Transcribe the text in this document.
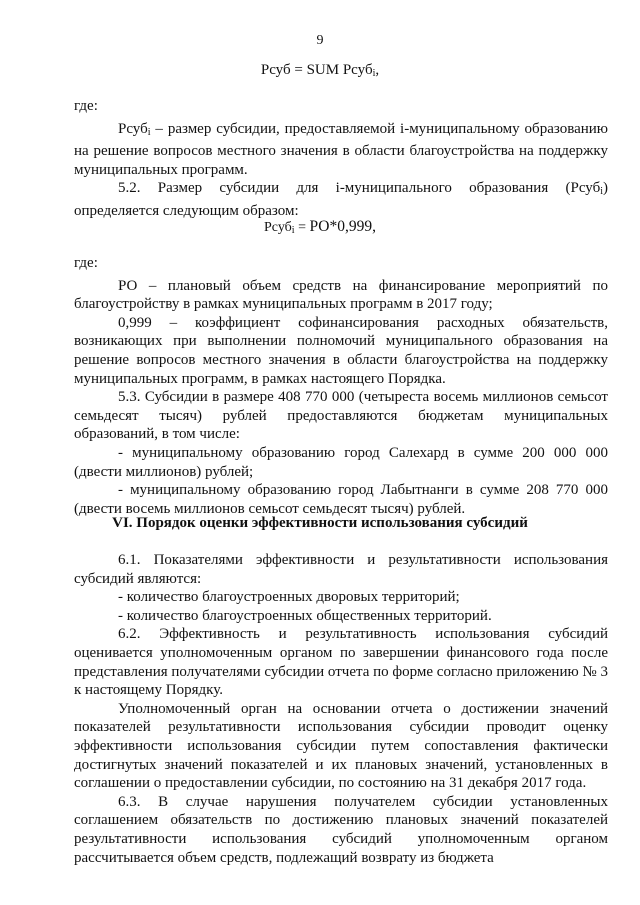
9
Рсуб = SUM Рсуб$_i$,

где:

Рсуб$_i$ – размер субсидии, предоставляемой i-муниципальному образованию на решение вопросов местного значения в области благоустройства на поддержку муниципальных программ.

5.2. Размер субсидии для i-муниципального образования (Рсуб$_i$) определяется следующим образом:

Рсуб$_i$ = РО*0,999,

где:

РО – плановый объем средств на финансирование мероприятий по благоустройству в рамках муниципальных программ в 2017 году;

0,999 – коэффициент софинансирования расходных обязательств, возникающих при выполнении полномочий муниципального образования на решение вопросов местного значения в области благоустройства на поддержку муниципальных программ, в рамках настоящего Порядка.

5.3. Субсидии в размере 408 770 000 (четыреста восемь миллионов семьсот семьдесят тысяч) рублей предоставляются бюджетам муниципальных образований, в том числе:

- муниципальному образованию город Салехард в сумме 200 000 000 (двести миллионов) рублей;

- муниципальному образованию город Лабытнанги в сумме 208 770 000 (двести восемь миллионов семьсот семьдесят тысяч) рублей.

VI. Порядок оценки эффективности использования субсидий

6.1. Показателями эффективности и результативности использования субсидий являются:

- количество благоустроенных дворовых территорий;

- количество благоустроенных общественных территорий.

6.2. Эффективность и результативность использования субсидий оценивается уполномоченным органом по завершении финансового года после представления получателями субсидии отчета по форме согласно приложению № 3 к настоящему Порядку.

Уполномоченный орган на основании отчета о достижении значений показателей результативности использования субсидии проводит оценку эффективности использования субсидии путем сопоставления фактически достигнутых значений показателей и их плановых значений, установленных в соглашении о предоставлении субсидии, по состоянию на 31 декабря 2017 года.

6.3. В случае нарушения получателем субсидии установленных соглашением обязательств по достижению плановых значений показателей результативности использования субсидий уполномоченным органом рассчитывается объем средств, подлежащий возврату из бюджета
